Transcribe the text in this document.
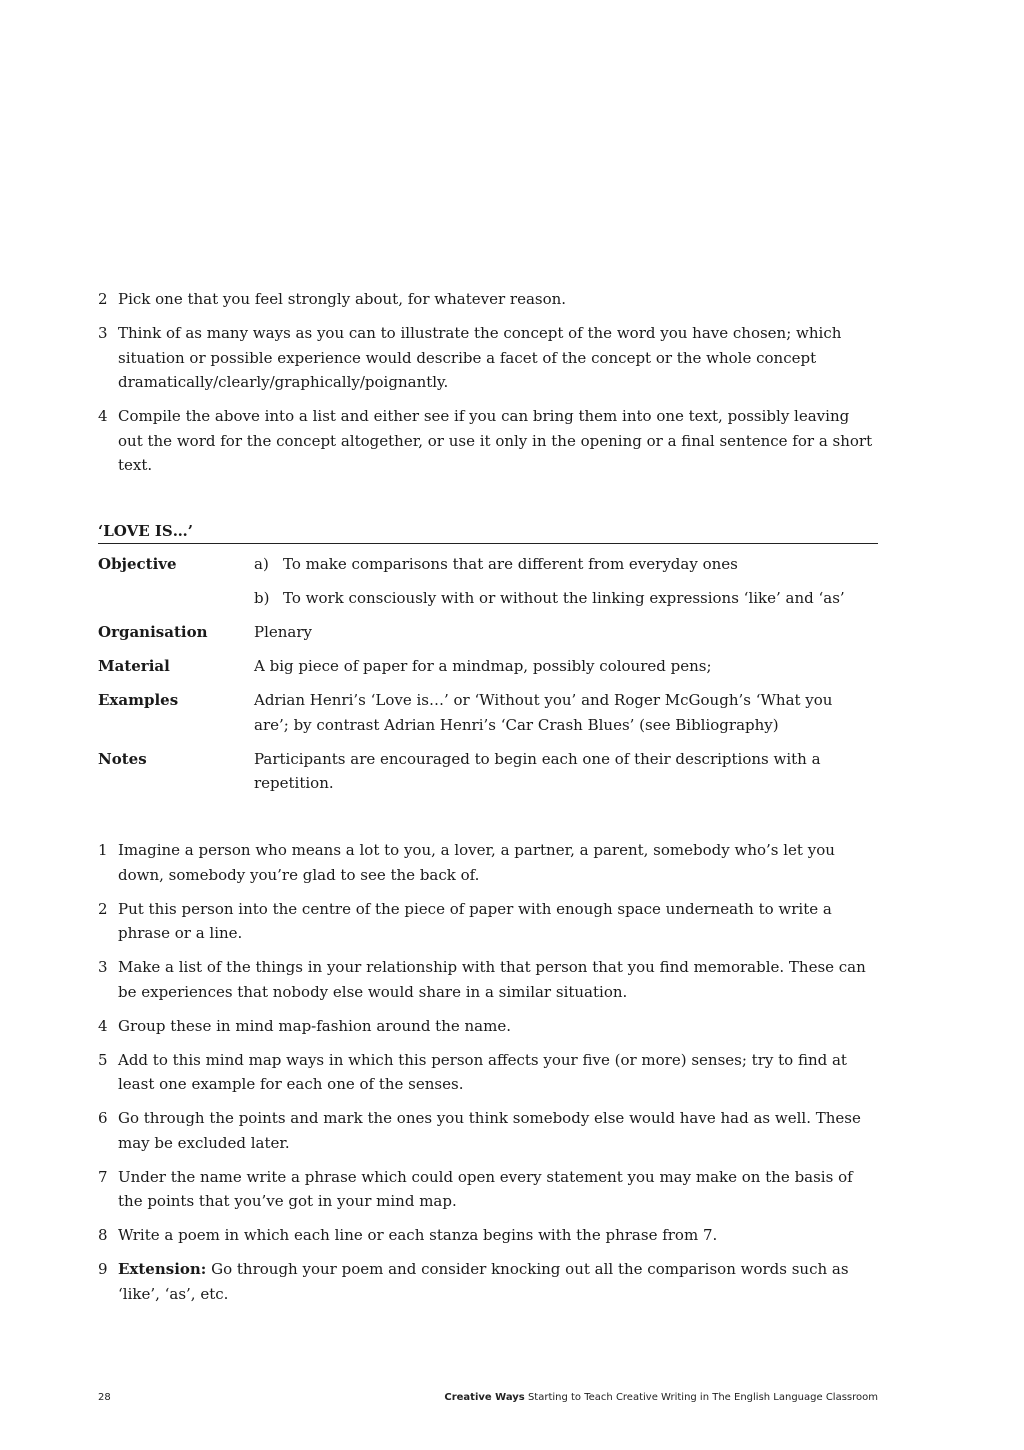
2 Pick one that you feel strongly about, for whatever reason.
3 Think of as many ways as you can to illustrate the concept of the word you have chosen; which situation or possible experience would describe a facet of the concept or the whole concept dramatically/clearly/graphically/poignantly.
4 Compile the above into a list and either see if you can bring them into one text, possibly leaving out the word for the concept altogether, or use it only in the opening or a final sentence for a short text.
‘LOVE IS…’
Objective	a) To make comparisons that are different from everyday ones
b) To work consciously with or without the linking expressions ‘like’ and ‘as’
Organisation	Plenary
Material	A big piece of paper for a mindmap, possibly coloured pens;
Examples	Adrian Henri’s ‘Love is…’ or ‘Without you’ and Roger McGough’s ‘What you are’; by contrast Adrian Henri’s ‘Car Crash Blues’ (see Bibliography)
Notes	Participants are encouraged to begin each one of their descriptions with a repetition.
1 Imagine a person who means a lot to you, a lover, a partner, a parent, somebody who’s let you down, somebody you’re glad to see the back of.
2 Put this person into the centre of the piece of paper with enough space underneath to write a phrase or a line.
3 Make a list of the things in your relationship with that person that you find memorable. These can be experiences that nobody else would share in a similar situation.
4 Group these in mind map-fashion around the name.
5 Add to this mind map ways in which this person affects your five (or more) senses; try to find at least one example for each one of the senses.
6 Go through the points and mark the ones you think somebody else would have had as well. These may be excluded later.
7 Under the name write a phrase which could open every statement you may make on the basis of the points that you’ve got in your mind map.
8 Write a poem in which each line or each stanza begins with the phrase from 7.
9 Extension: Go through your poem and consider knocking out all the comparison words such as ‘like’, ‘as’, etc.
28	Creative Ways Starting to Teach Creative Writing in The English Language Classroom
